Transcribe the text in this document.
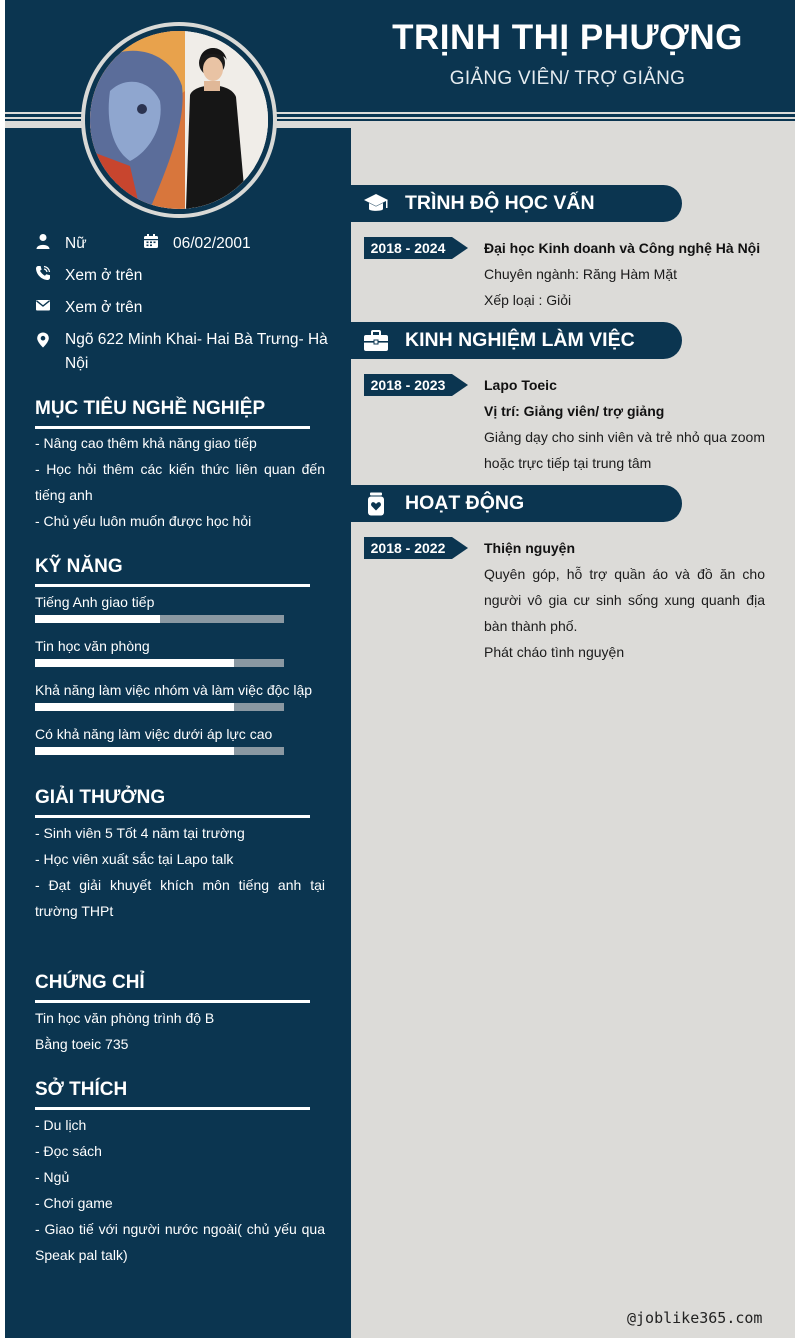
TRỊNH THỊ PHƯỢNG
GIẢNG VIÊN/ TRỢ GIẢNG
Nữ	06/02/2001
Xem ở trên
Xem ở trên
Ngõ 622 Minh Khai- Hai Bà Trưng- Hà Nội
MỤC TIÊU NGHỀ NGHIỆP

- Nâng cao thêm khả năng giao tiếp

- Học hỏi thêm các kiến thức liên quan đến tiếng anh

- Chủ yếu luôn muốn được học hỏi

KỸ NĂNG
Tiếng Anh giao tiếp
Tin học văn phòng
Khả năng làm việc nhóm và làm việc độc lập
Có khả năng làm việc dưới áp lực cao
GIẢI THƯỞNG

- Sinh viên 5 Tốt 4 năm tại trường

- Học viên xuất sắc tại Lapo talk

- Đạt giải khuyết khích môn tiếng anh tại trường THPt

CHỨNG CHỈ

Tin học văn phòng trình độ B

Bằng toeic 735

SỞ THÍCH

- Du lịch

- Đọc sách

- Ngủ

- Chơi game

- Giao tiế với người nước ngoài( chủ yếu qua Speak pal talk)

TRÌNH ĐỘ HỌC VẤN
2018 - 2024	Đại học Kinh doanh và Công nghệ Hà Nội
Chuyên ngành: Răng Hàm Mặt
Xếp loại : Giỏi
KINH NGHIỆM LÀM VIỆC
2018 - 2023	Lapo Toeic
Vị trí: Giảng viên/ trợ giảng
Giảng dạy cho sinh viên và trẻ nhỏ qua zoom hoặc trực tiếp tại trung tâm
HOẠT ĐỘNG
2018 - 2022	Thiện nguyện
Quyên góp, hỗ trợ quần áo và đồ ăn cho người vô gia cư sinh sống xung quanh địa bàn thành phố.
Phát cháo tình nguyện
@joblike365.com
